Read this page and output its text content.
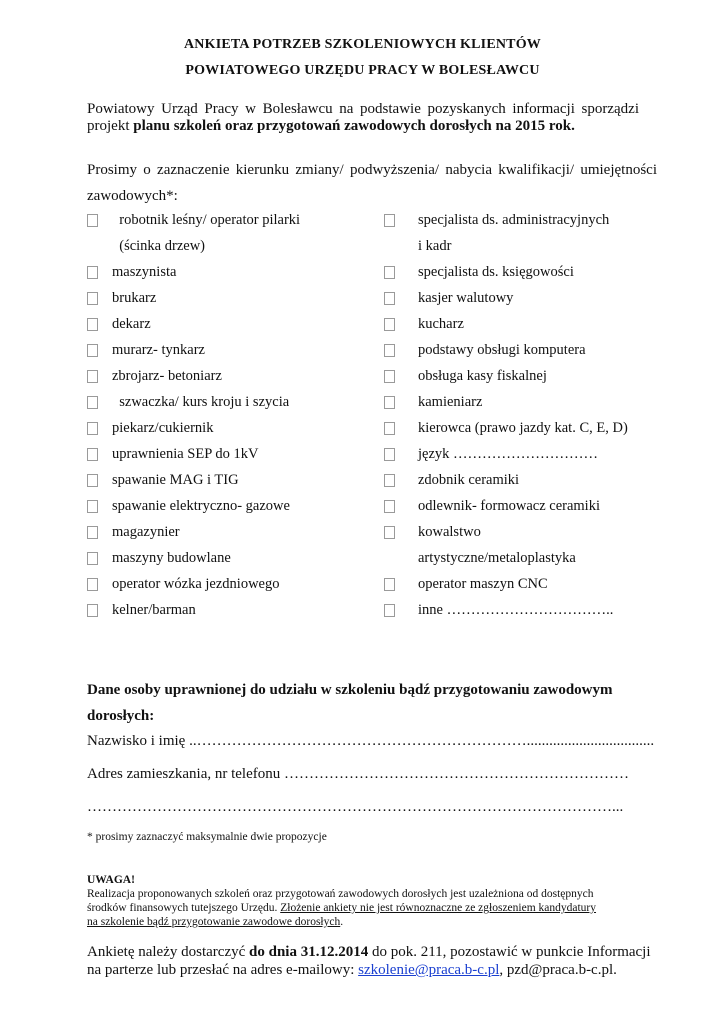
ANKIETA POTRZEB SZKOLENIOWYCH KLIENTÓW
POWIATOWEGO URZĘDU PRACY W BOLESŁAWCU
Powiatowy Urząd Pracy w Bolesławcu na podstawie pozyskanych informacji sporządzi projekt planu szkoleń oraz przygotowań zawodowych dorosłych na 2015 rok.
Prosimy o zaznaczenie kierunku zmiany/ podwyższenia/ nabycia kwalifikacji/ umiejętności zawodowych*:
robotnik leśny/ operator pilarki
(ścinka drzew)
maszynista
brukarz
dekarz
murarz- tynkarz
zbrojarz- betoniarz
szwaczka/ kurs kroju i szycia
piekarz/cukiernik
uprawnienia SEP do 1kV
spawanie MAG i TIG
spawanie elektryczno- gazowe
magazynier
maszyny budowlane
operator wózka jezdniowego
kelner/barman
specjalista ds. administracyjnych
i kadr
specjalista ds. księgowości
kasjer walutowy
kucharz
podstawy obsługi komputera
obsługa kasy fiskalnej
kamieniarz
kierowca (prawo jazdy kat. C, E, D)
język …………………………
zdobnik ceramiki
odlewnik- formowacz ceramiki
kowalstwo
artystyczne/metaloplastyka
operator maszyn CNC
inne ……………………………..
Dane osoby uprawnionej do udziału w szkoleniu bądź przygotowaniu zawodowym dorosłych:
Nazwisko i imię ..…………………………………………………………..................................
Adres zamieszkania, nr telefonu ……………………………………………………………
……………………………………………………………………………………………...
* prosimy zaznaczyć maksymalnie dwie propozycje
UWAGA!
Realizacja proponowanych szkoleń oraz przygotowań zawodowych dorosłych jest uzależniona od dostępnych
środków finansowych tutejszego Urzędu. Złożenie ankiety nie jest równoznaczne ze zgłoszeniem kandydatury
na szkolenie bądź przygotowanie zawodowe dorosłych.
Ankietę należy dostarczyć do dnia 31.12.2014 do pok. 211, pozostawić w punkcie Informacji na parterze lub przesłać na adres e-mailowy: szkolenie@praca.b-c.pl, pzd@praca.b-c.pl.
